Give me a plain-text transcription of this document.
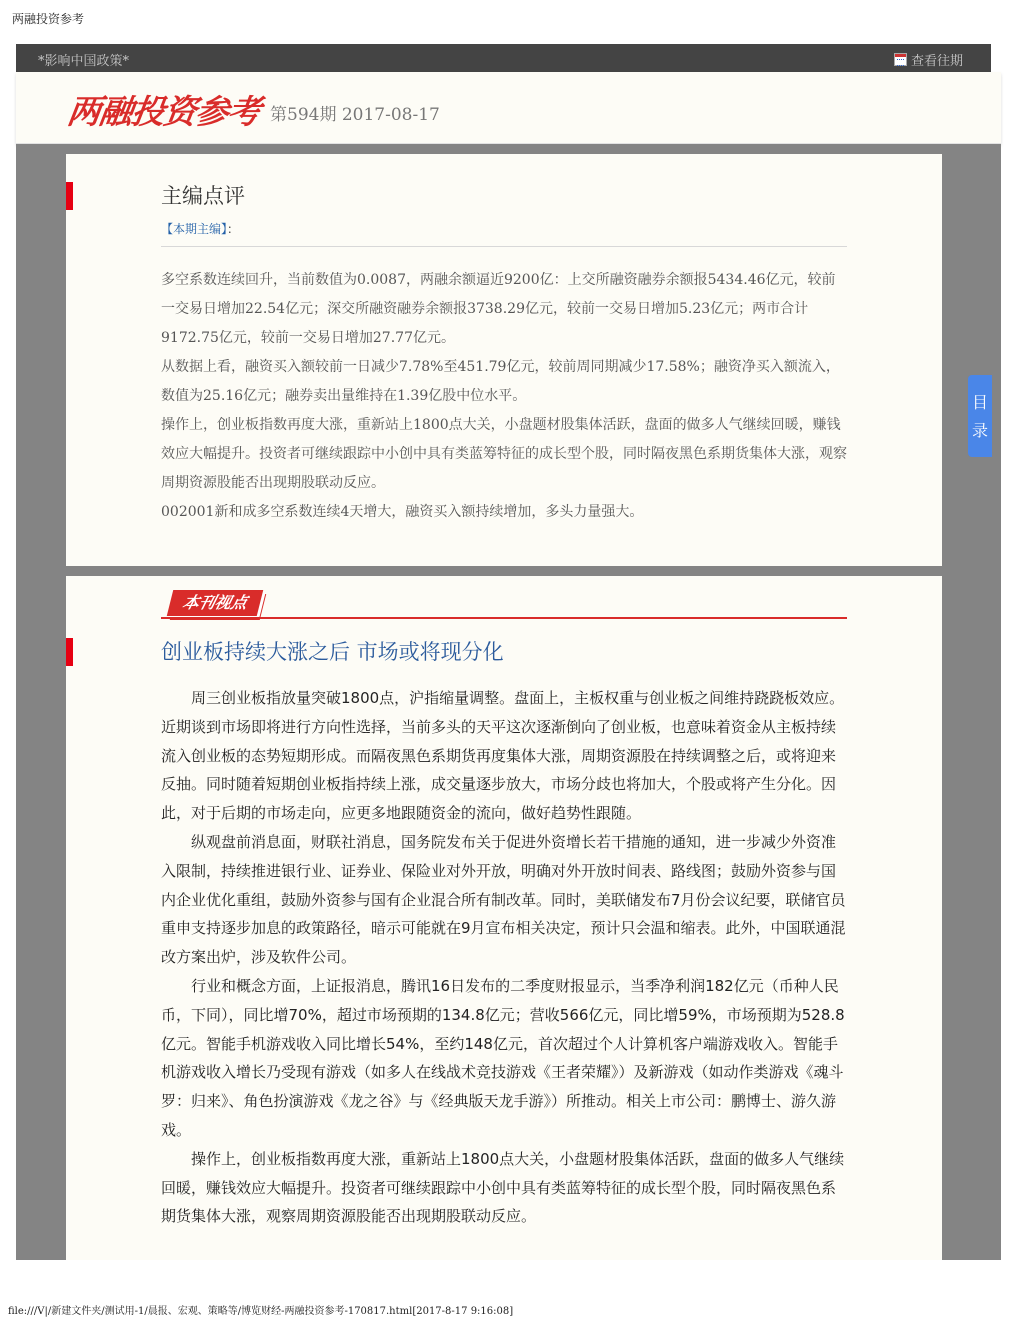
两融投资参考
*影响中国政策*	查看往期
两融投资参考 第594期 2017-08-17
主编点评
【本期主编】：

多空系数连续回升，当前数值为0.0087，两融余额逼近9200亿：上交所融资融券余额报5434.46亿元，较前一交易日增加22.54亿元；深交所融资融券余额报3738.29亿元，较前一交易日增加5.23亿元；两市合计9172.75亿元，较前一交易日增加27.77亿元。

从数据上看，融资买入额较前一日减少7.78%至451.79亿元，较前周同期减少17.58%；融资净买入额流入，数值为25.16亿元；融券卖出量维持在1.39亿股中位水平。

操作上，创业板指数再度大涨，重新站上1800点大关，小盘题材股集体活跃，盘面的做多人气继续回暖，赚钱效应大幅提升。投资者可继续跟踪中小创中具有类蓝筹特征的成长型个股，同时隔夜黑色系期货集体大涨，观察周期资源股能否出现期股联动反应。

002001新和成多空系数连续4天增大，融资买入额持续增加，多头力量强大。

本刊视点
创业板持续大涨之后 市场或将现分化

周三创业板指放量突破1800点，沪指缩量调整。盘面上，主板权重与创业板之间维持跷跷板效应。近期谈到市场即将进行方向性选择，当前多头的天平这次逐渐倒向了创业板，也意味着资金从主板持续流入创业板的态势短期形成。而隔夜黑色系期货再度集体大涨，周期资源股在持续调整之后，或将迎来反抽。同时随着短期创业板指持续上涨，成交量逐步放大，市场分歧也将加大，个股或将产生分化。因此，对于后期的市场走向，应更多地跟随资金的流向，做好趋势性跟随。

纵观盘前消息面，财联社消息，国务院发布关于促进外资增长若干措施的通知，进一步减少外资准入限制，持续推进银行业、证券业、保险业对外开放，明确对外开放时间表、路线图；鼓励外资参与国内企业优化重组，鼓励外资参与国有企业混合所有制改革。同时，美联储发布7月份会议纪要，联储官员重申支持逐步加息的政策路径，暗示可能就在9月宣布相关决定，预计只会温和缩表。此外，中国联通混改方案出炉，涉及软件公司。

行业和概念方面，上证报消息，腾讯16日发布的二季度财报显示，当季净利润182亿元（币种人民币，下同），同比增70%，超过市场预期的134.8亿元；营收566亿元，同比增59%，市场预期为528.8亿元。智能手机游戏收入同比增长54%，至约148亿元，首次超过个人计算机客户端游戏收入。智能手机游戏收入增长乃受现有游戏（如多人在线战术竞技游戏《王者荣耀》）及新游戏（如动作类游戏《魂斗罗：归来》、角色扮演游戏《龙之谷》与《经典版天龙手游》）所推动。相关上市公司：鹏博士、游久游戏。

操作上，创业板指数再度大涨，重新站上1800点大关，小盘题材股集体活跃，盘面的做多人气继续回暖，赚钱效应大幅提升。投资者可继续跟踪中小创中具有类蓝筹特征的成长型个股，同时隔夜黑色系期货集体大涨，观察周期资源股能否出现期股联动反应。

目
录
file:///V|/新建文件夹/测试用-1/晨报、宏观、策略等/博览财经-两融投资参考-170817.html[2017-8-17 9:16:08]
